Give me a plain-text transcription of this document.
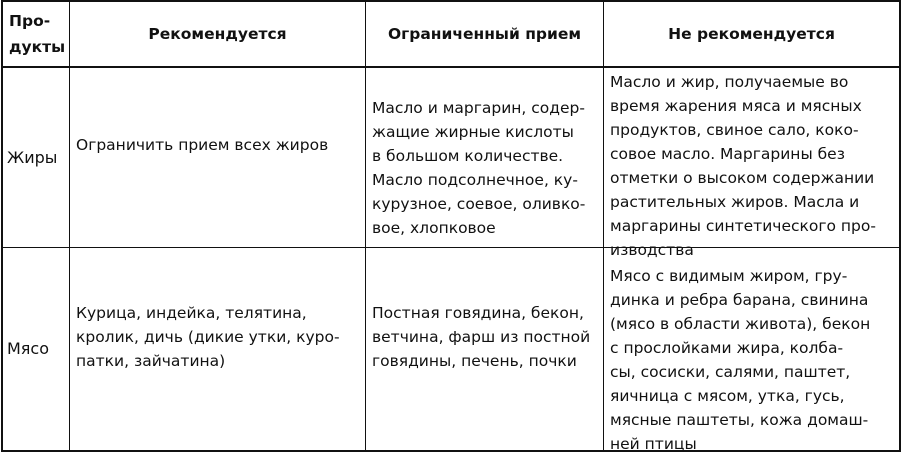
Про-
дукты
Рекомендуется	Ограниченный прием	Не рекомендуется
Жиры
Ограничить прием всех жиров
Масло и маргарин, содер-
жащие жирные кислоты
в большом количестве.
Масло подсолнечное, ку-
курузное, соевое, оливко-
вое, хлопковое
Масло и жир, получаемые во
время жарения мяса и мясных
продуктов, свиное сало, коко-
совое масло. Маргарины без
отметки о высоком содержании
растительных жиров. Масла и
маргарины синтетического про-
изводства
Мясо
Курица, индейка, телятина,
кролик, дичь (дикие утки, куро-
патки, зайчатина)
Постная говядина, бекон,
ветчина, фарш из постной
говядины, печень, почки
Мясо с видимым жиром, гру-
динка и ребра барана, свинина
(мясо в области живота), бекон
с прослойками жира, колба-
сы, сосиски, салями, паштет,
яичница с мясом, утка, гусь,
мясные паштеты, кожа домаш-
ней птицы
